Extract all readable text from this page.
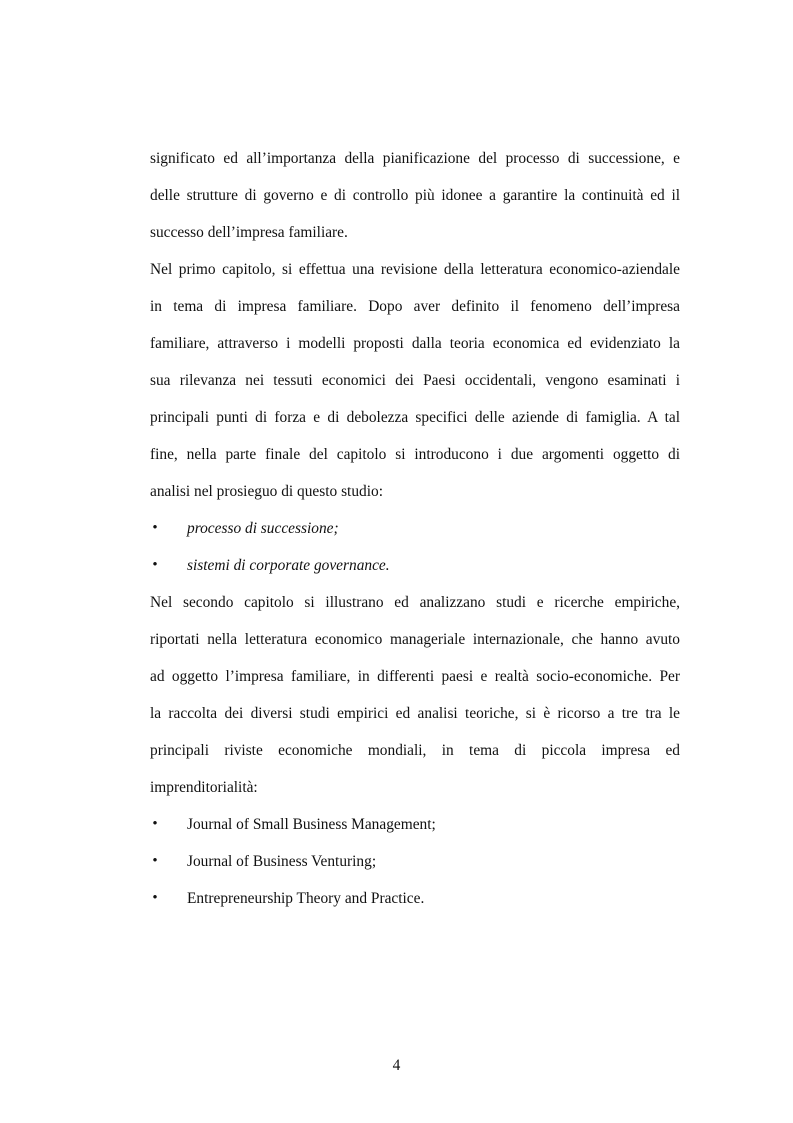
significato ed all’importanza della pianificazione del processo di successione, e
delle strutture di governo e di controllo più idonee a garantire la continuità ed il
successo dell’impresa familiare.
Nel primo capitolo, si effettua una revisione della letteratura economico-aziendale
in tema di impresa familiare. Dopo aver definito il fenomeno dell’impresa
familiare, attraverso i modelli proposti dalla teoria economica ed evidenziato la
sua rilevanza nei tessuti economici dei Paesi occidentali, vengono esaminati i
principali punti di forza e di debolezza specifici delle aziende di famiglia. A tal
fine, nella parte finale del capitolo si introducono i due argomenti oggetto di
analisi nel prosieguo di questo studio:
• processo di successione;
• sistemi di corporate governance.
Nel secondo capitolo si illustrano ed analizzano studi e ricerche empiriche,
riportati nella letteratura economico manageriale internazionale, che hanno avuto
ad oggetto l’impresa familiare, in differenti paesi e realtà socio-economiche. Per
la raccolta dei diversi studi empirici ed analisi teoriche, si è ricorso a tre tra le
principali riviste economiche mondiali, in tema di piccola impresa ed
imprenditorialità:
• Journal of Small Business Management;
• Journal of Business Venturing;
• Entrepreneurship Theory and Practice.
4
